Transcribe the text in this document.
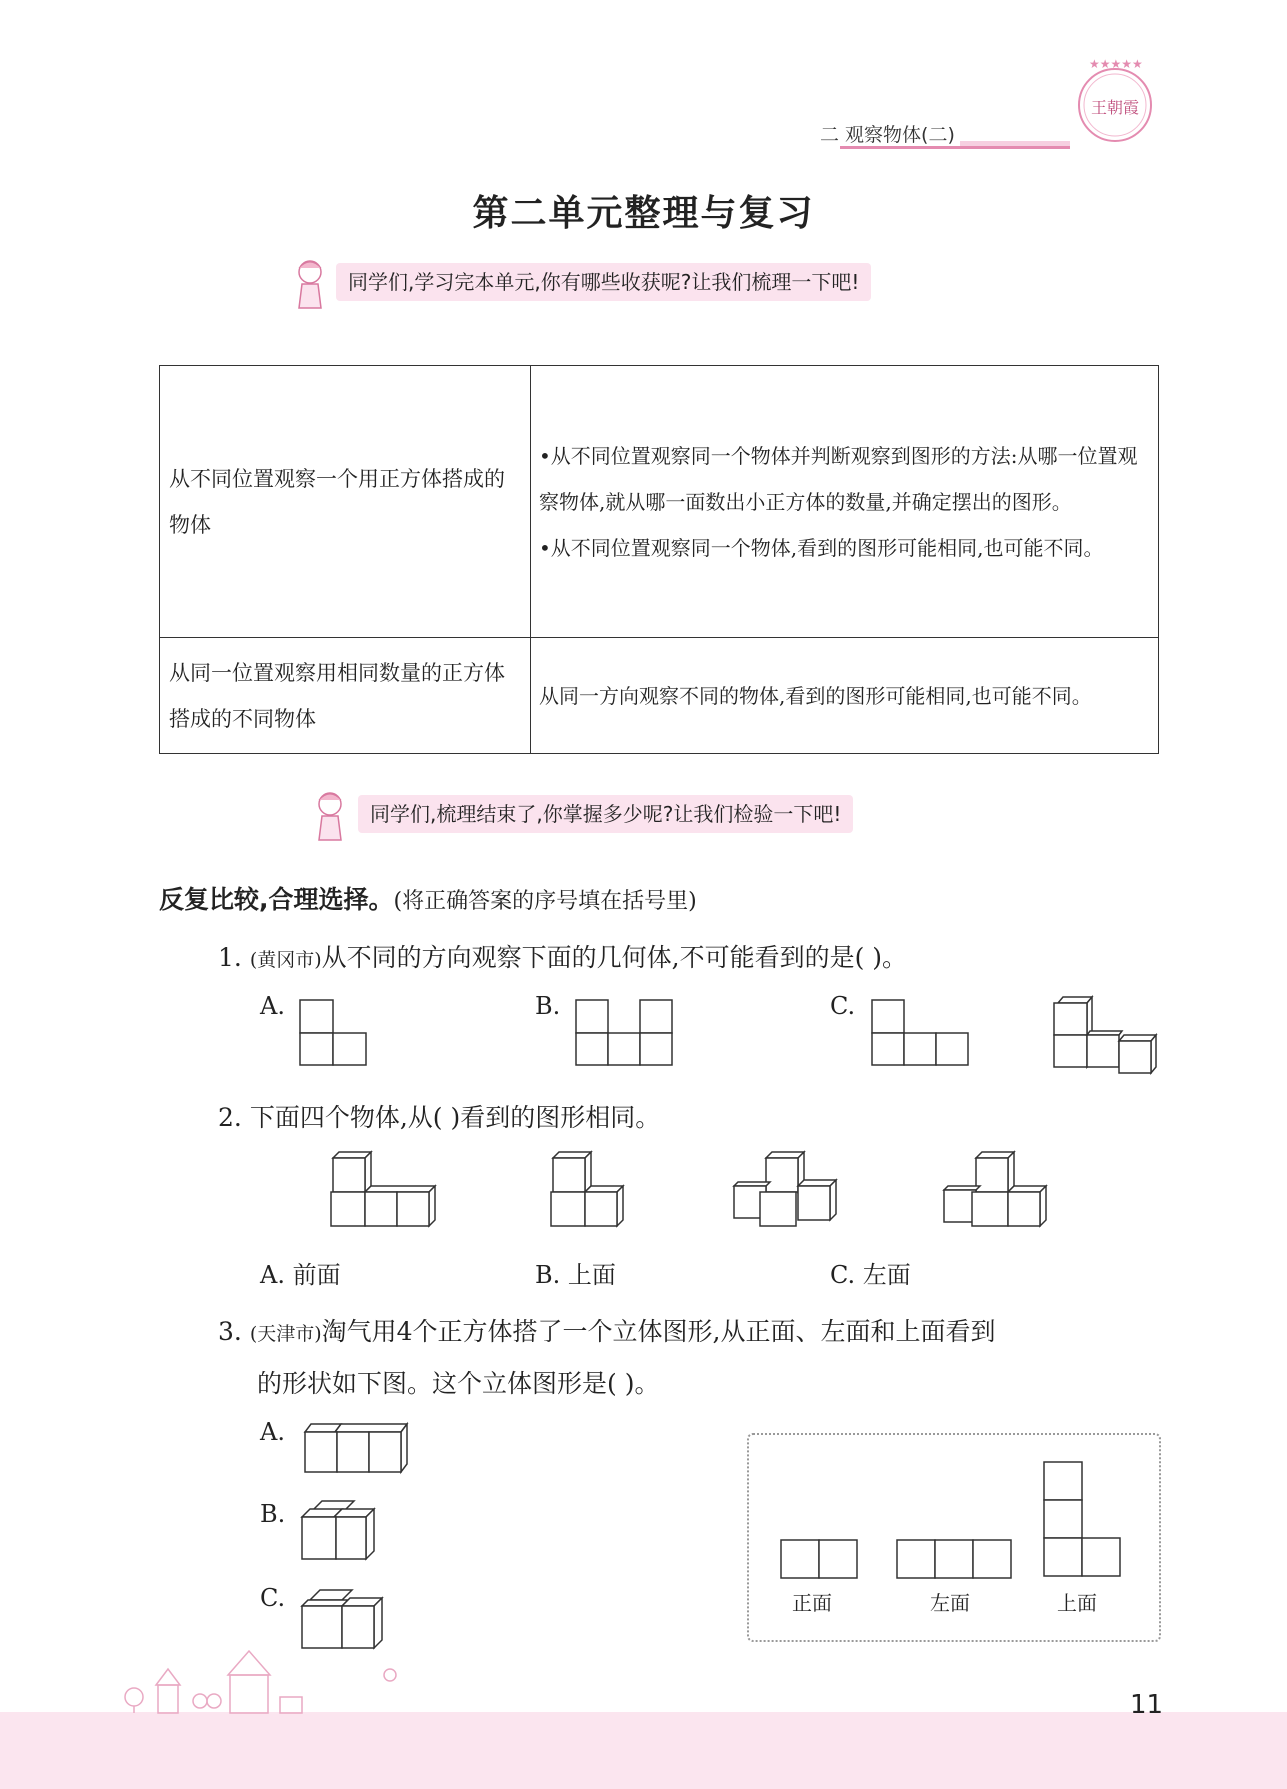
★★★★★
王朝霞
二 观察物体(二)
第二单元整理与复习
同学们,学习完本单元,你有哪些收获呢?让我们梳理一下吧!
从不同位置观察一个用正方体搭成的物体	•从不同位置观察同一个物体并判断观察到图形的方法:从哪一位置观察物体,就从哪一面数出小正方体的数量,并确定摆出的图形。
•从不同位置观察同一个物体,看到的图形可能相同,也可能不同。

从同一位置观察用相同数量的正方体搭成的不同物体	从同一方向观察不同的物体,看到的图形可能相同,也可能不同。
同学们,梳理结束了,你掌握多少呢?让我们检验一下吧!
反复比较,合理选择。(将正确答案的序号填在括号里)
1. (黄冈市)从不同的方向观察下面的几何体,不可能看到的是( )。
A.	B.	C.
2. 下面四个物体,从( )看到的图形相同。
A. 前面	B. 上面	C. 左面
3. (天津市)淘气用4个正方体搭了一个立体图形,从正面、左面和上面看到
的形状如下图。这个立体图形是( )。
A.
B.
C.	正面	左面	上面
11
